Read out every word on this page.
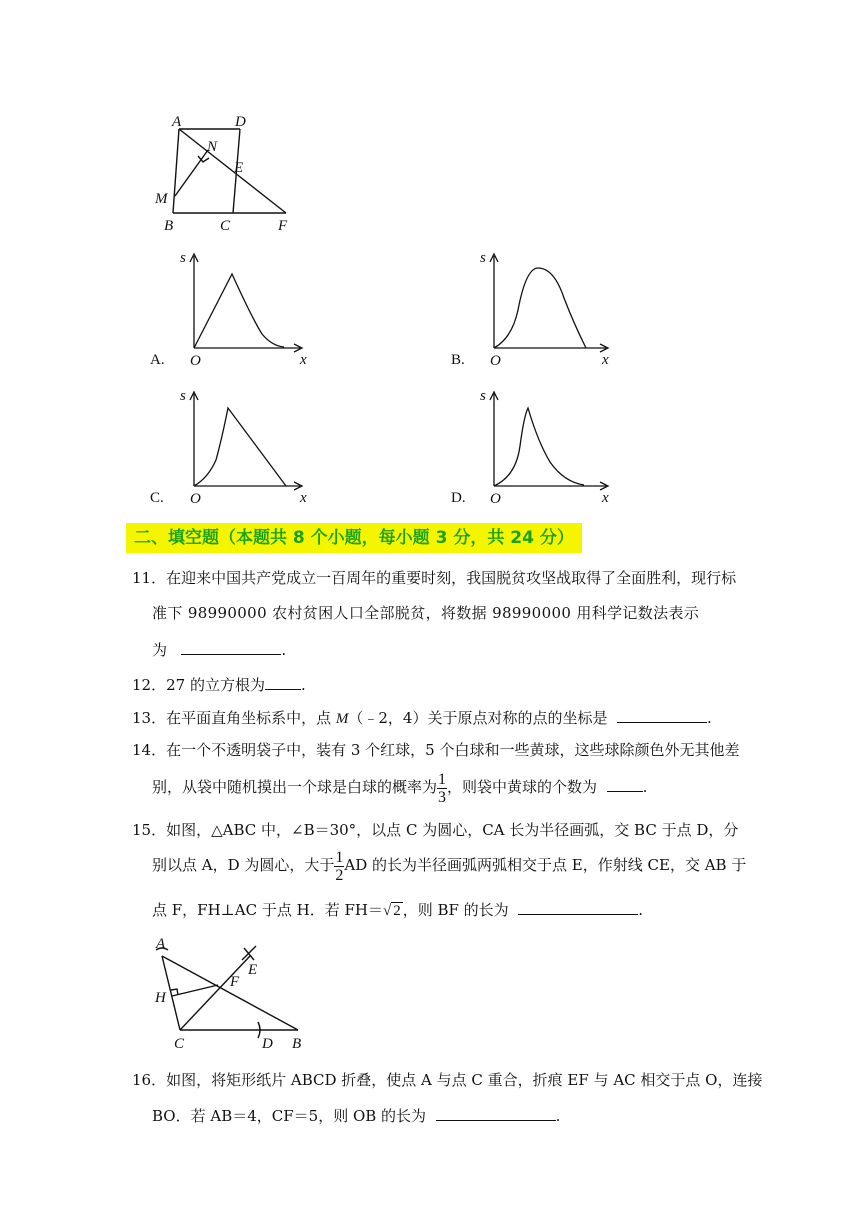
A	D
N
E
M
B	C	F
A.
s
x
O	B.
s
x
O
C.
s
x
O	D.
s
x
O
二、填空题（本题共 8 个小题，每小题 3 分，共 24 分）
11．在迎来中国共产党成立一百周年的重要时刻，我国脱贫攻坚战取得了全面胜利，现行标
准下 98990000 农村贫困人口全部脱贫，将数据 98990000 用科学记数法表示
为	.
12．27 的立方根为 .
13．在平面直角坐标系中，点 M（﹣2，4）关于原点对称的点的坐标是	.
14．在一个不透明袋子中，装有 3 个红球，5 个白球和一些黄球，这些球除颜色外无其他差
别，从袋中随机摸出一个球是白球的概率为 $\frac{1}{3}$ ，则袋中黄球的个数为	.
15．如图，△ABC 中，∠B＝30°，以点 C 为圆心，CA 长为半径画弧，交 BC 于点 D，分
别以点 A，D 为圆心，大于 $\frac{1}{2}$ AD 的长为半径画弧两弧相交于点 E，作射线 CE，交 AB 于
点 F，FH⊥AC 于点 H．若 FH＝√ 2 ，则 BF 的长为	.
A
E
H
F
C	D B
16．如图，将矩形纸片 ABCD 折叠，使点 A 与点 C 重合，折痕 EF 与 AC 相交于点 O，连接
BO．若 AB＝4，CF＝5，则 OB 的长为	.
